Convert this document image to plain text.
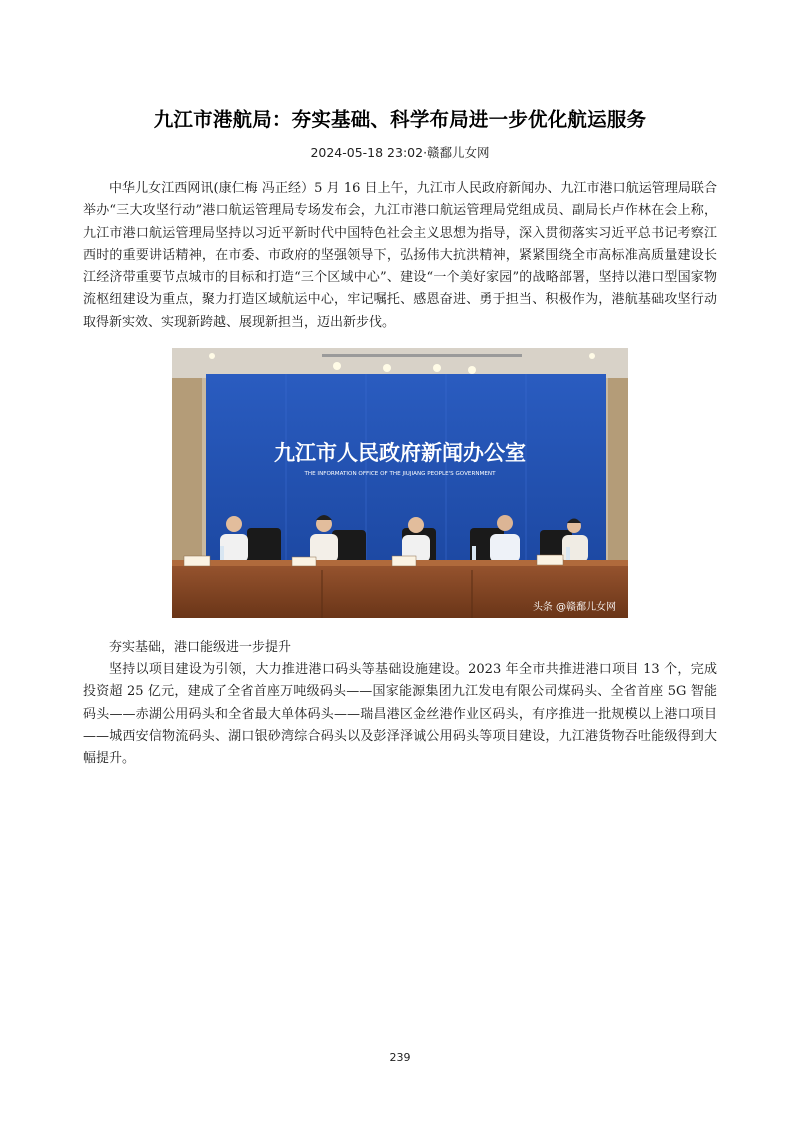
九江市港航局：夯实基础、科学布局进一步优化航运服务
2024-05-18 23:02·赣鄱儿女网

中华儿女江西网讯(康仁梅 冯正经）5 月 16 日上午，九江市人民政府新闻办、九江市港口航运管理局联合举办“三大攻坚行动”港口航运管理局专场发布会，九江市港口航运管理局党组成员、副局长卢作林在会上称，九江市港口航运管理局坚持以习近平新时代中国特色社会主义思想为指导，深入贯彻落实习近平总书记考察江西时的重要讲话精神，在市委、市政府的坚强领导下，弘扬伟大抗洪精神，紧紧围绕全市高标准高质量建设长江经济带重要节点城市的目标和打造“三个区域中心”、建设“一个美好家园”的战略部署，坚持以港口型国家物流枢纽建设为重点，聚力打造区域航运中心，牢记嘱托、感恩奋进、勇于担当、积极作为，港航基础攻坚行动取得新实效、实现新跨越、展现新担当，迈出新步伐。

九江市人民政府新闻办公室
THE INFORMATION OFFICE OF THE JIUJIANG PEOPLE'S GOVERNMENT
头条 @赣鄱儿女网

夯实基础，港口能级进一步提升

坚持以项目建设为引领，大力推进港口码头等基础设施建设。2023 年全市共推进港口项目 13 个，完成投资超 25 亿元，建成了全省首座万吨级码头——国家能源集团九江发电有限公司煤码头、全省首座 5G 智能码头——赤湖公用码头和全省最大单体码头——瑞昌港区金丝港作业区码头，有序推进一批规模以上港口项目——城西安信物流码头、湖口银砂湾综合码头以及彭泽泽诚公用码头等项目建设，九江港货物吞吐能级得到大幅提升。

239
